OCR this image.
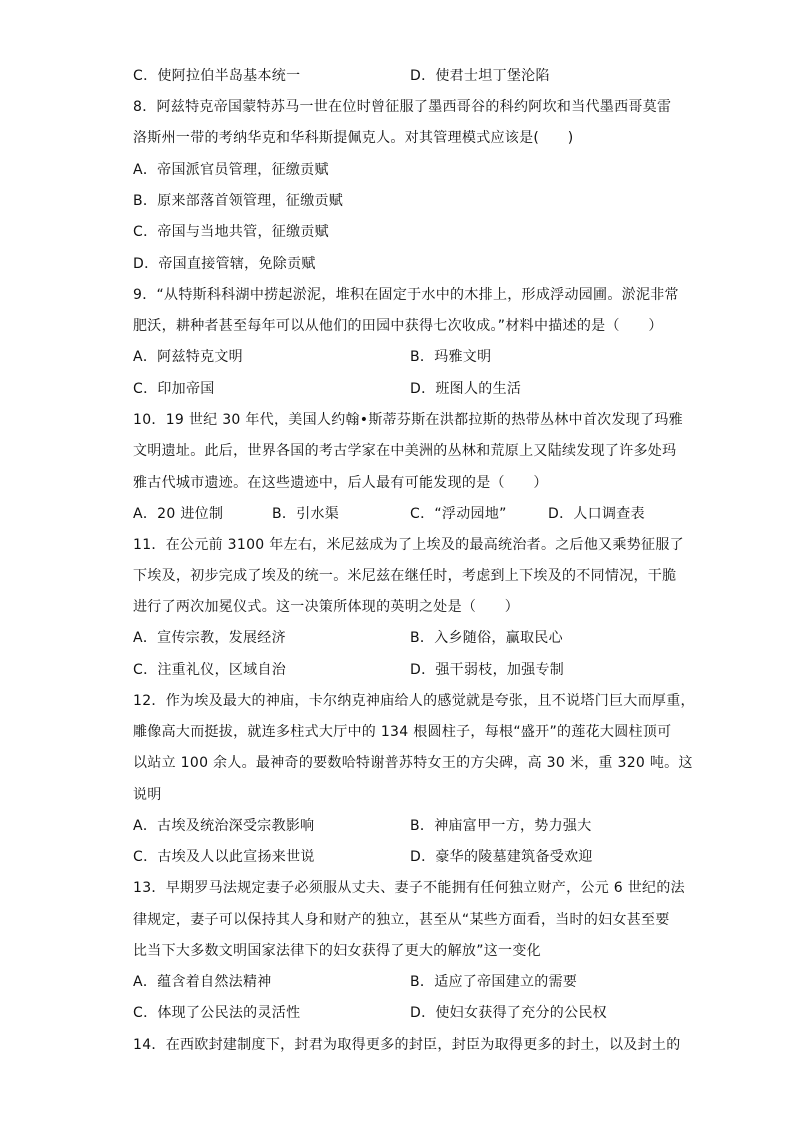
C．使阿拉伯半岛基本统一	D．使君士坦丁堡沦陷
8．阿兹特克帝国蒙特苏马一世在位时曾征服了墨西哥谷的科约阿坎和当代墨西哥莫雷
洛斯州一带的考纳华克和华科斯提佩克人。对其管理模式应该是(　　)
A．帝国派官员管理，征缴贡赋
B．原来部落首领管理，征缴贡赋
C．帝国与当地共管，征缴贡赋
D．帝国直接管辖，免除贡赋
9．“从特斯科科湖中捞起淤泥，堆积在固定于水中的木排上，形成浮动园圃。淤泥非常
肥沃，耕种者甚至每年可以从他们的田园中获得七次收成。”材料中描述的是（　　）
A．阿兹特克文明	B．玛雅文明
C．印加帝国	D．班图人的生活
10．19 世纪 30 年代，美国人约翰•斯蒂芬斯在洪都拉斯的热带丛林中首次发现了玛雅
文明遗址。此后，世界各国的考古学家在中美洲的丛林和荒原上又陆续发现了许多处玛
雅古代城市遗迹。在这些遗迹中，后人最有可能发现的是（　　）
A．20 进位制	B．引水渠	C．“浮动园地”	D．人口调查表
11．在公元前 3100 年左右，米尼兹成为了上埃及的最高统治者。之后他又乘势征服了
下埃及，初步完成了埃及的统一。米尼兹在继任时，考虑到上下埃及的不同情况，干脆
进行了两次加冕仪式。这一决策所体现的英明之处是（　　）
A．宣传宗教，发展经济	B．入乡随俗，赢取民心
C．注重礼仪，区域自治	D．强干弱枝，加强专制
12．作为埃及最大的神庙，卡尔纳克神庙给人的感觉就是夸张，且不说塔门巨大而厚重，
雕像高大而挺拔，就连多柱式大厅中的 134 根圆柱子，每根“盛开”的莲花大圆柱顶可
以站立 100 余人。最神奇的要数哈特谢普苏特女王的方尖碑，高 30 米，重 320 吨。这
说明
A．古埃及统治深受宗教影响	B．神庙富甲一方，势力强大
C．古埃及人以此宣扬来世说	D．豪华的陵墓建筑备受欢迎
13．早期罗马法规定妻子必须服从丈夫、妻子不能拥有任何独立财产，公元 6 世纪的法
律规定，妻子可以保持其人身和财产的独立，甚至从“某些方面看，当时的妇女甚至要
比当下大多数文明国家法律下的妇女获得了更大的解放”这一变化
A．蕴含着自然法精神	B．适应了帝国建立的需要
C．体现了公民法的灵活性	D．使妇女获得了充分的公民权
14．在西欧封建制度下，封君为取得更多的封臣，封臣为取得更多的封土，以及封土的
